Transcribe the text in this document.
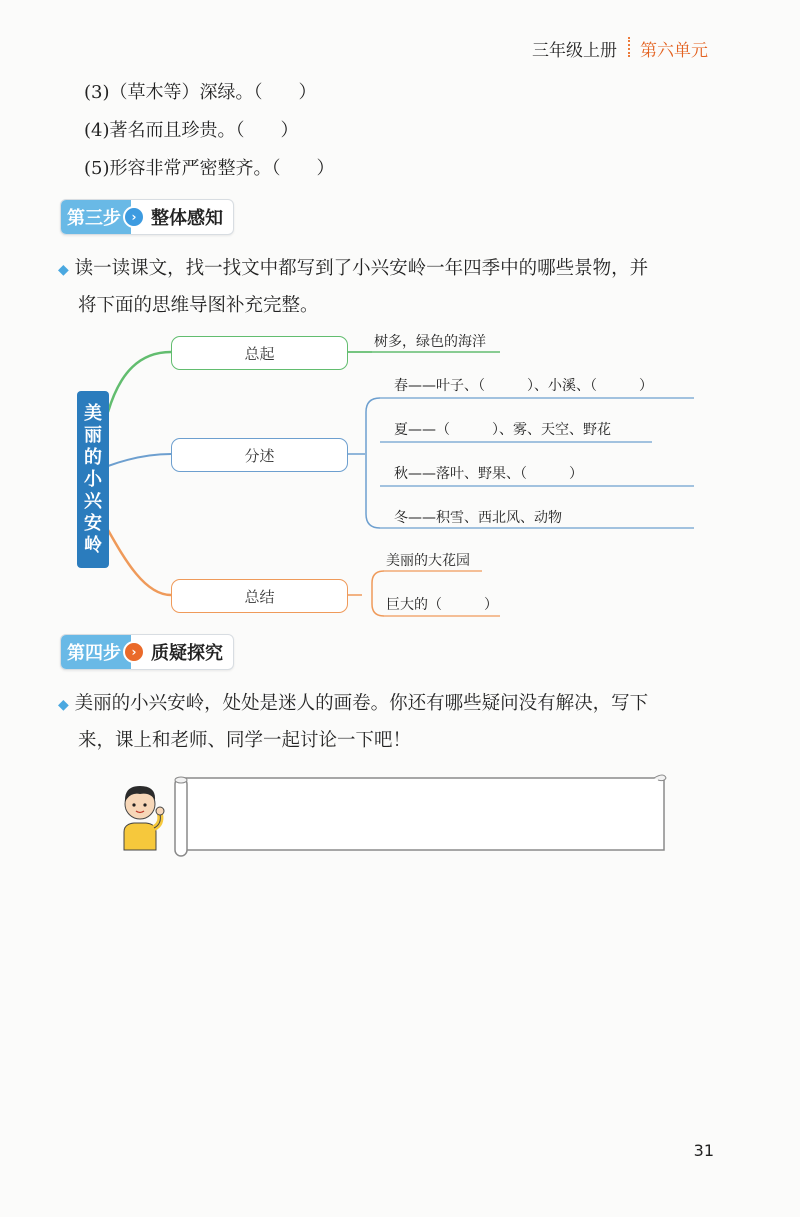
三年级上册 第六单元
(3)（草木等）深绿。（　　）
(4)著名而且珍贵。（　　）
(5)形容非常严密整齐。（　　）
第三步 › 整体感知
◆ 读一读课文，找一找文中都写到了小兴安岭一年四季中的哪些景物，并
将下面的思维导图补充完整。
美
丽
的
小
兴
安
岭
总起
分述
总结
树多，绿色的海洋
春——叶子、（　　　）、小溪、（　　　）
夏——（　　　）、雾、天空、野花
秋——落叶、野果、（　　　）
冬——积雪、西北风、动物
美丽的大花园
巨大的（　　　）
第四步 › 质疑探究
◆ 美丽的小兴安岭，处处是迷人的画卷。你还有哪些疑问没有解决，写下
来，课上和老师、同学一起讨论一下吧！
31
